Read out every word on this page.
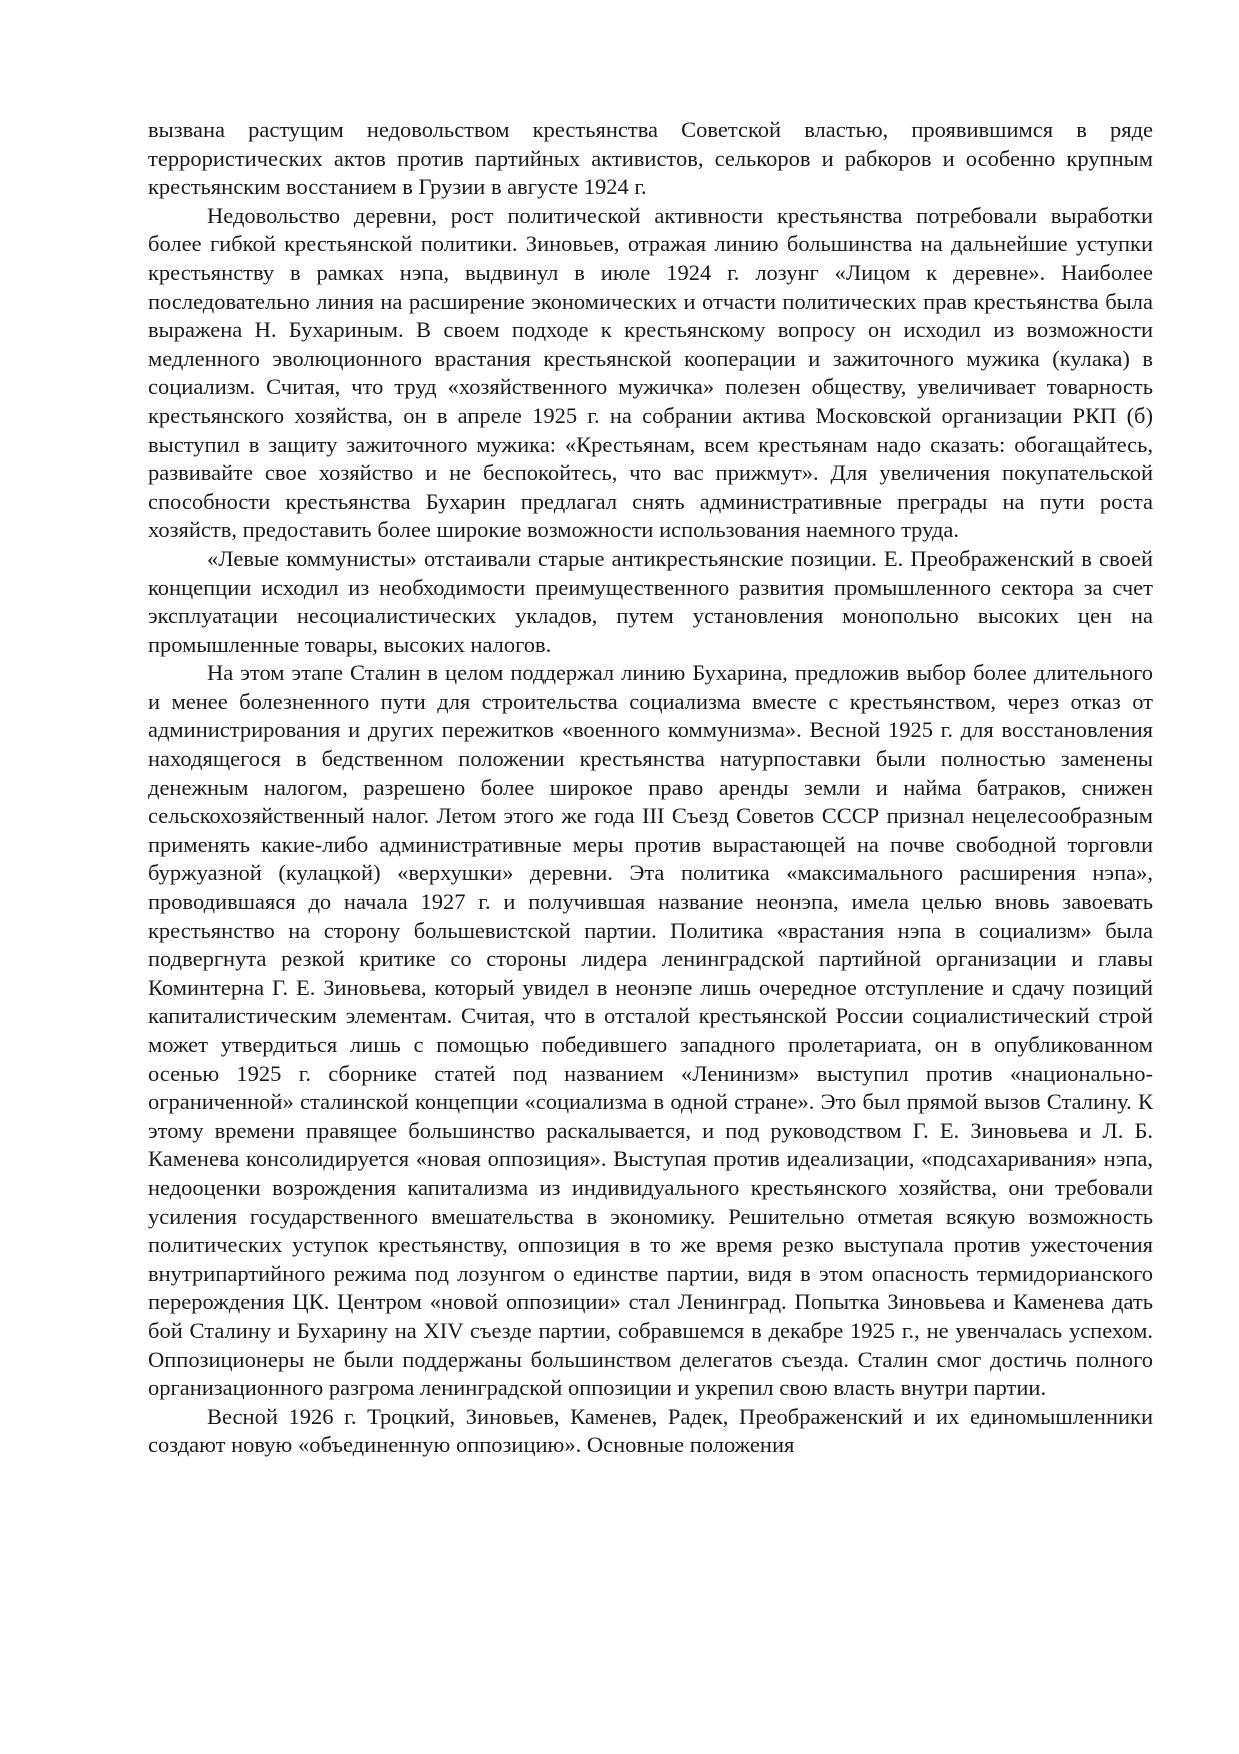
вызвана растущим недовольством крестьянства Советской властью, проявившимся в ряде террористических актов против партийных активистов, селькоров и рабкоров и особенно крупным крестьянским восстанием в Грузии в августе 1924 г.

Недовольство деревни, рост политической активности крестьянства потребовали выработки более гибкой крестьянской политики. Зиновьев, отражая линию большинства на дальнейшие уступки крестьянству в рамках нэпа, выдвинул в июле 1924 г. лозунг «Лицом к деревне». Наиболее последовательно линия на расширение экономических и отчасти политических прав крестьянства была выражена Н. Бухариным. В своем подходе к крестьянскому вопросу он исходил из возможности медленного эволюционного врастания крестьянской кооперации и зажиточного мужика (кулака) в социализм. Считая, что труд «хозяйственного мужичка» полезен обществу, увеличивает товарность крестьянского хозяйства, он в апреле 1925 г. на собрании актива Московской организации РКП (б) выступил в защиту зажиточного мужика: «Крестьянам, всем крестьянам надо сказать: обогащайтесь, развивайте свое хозяйство и не беспокойтесь, что вас прижмут». Для увеличения покупательской способности крестьянства Бухарин предлагал снять административные преграды на пути роста хозяйств, предоставить более широкие возможности использования наемного труда.

«Левые коммунисты» отстаивали старые антикрестьянские позиции. Е. Преображенский в своей концепции исходил из необходимости преимущественного развития промышленного сектора за счет эксплуатации несоциалистических укладов, путем установления монопольно высоких цен на промышленные товары, высоких налогов.

На этом этапе Сталин в целом поддержал линию Бухарина, предложив выбор более длительного и менее болезненного пути для строительства социализма вместе с крестьянством, через отказ от администрирования и других пережитков «военного коммунизма». Весной 1925 г. для восстановления находящегося в бедственном положении крестьянства натурпоставки были полностью заменены денежным налогом, разрешено более широкое право аренды земли и найма батраков, снижен сельскохозяйственный налог. Летом этого же года III Съезд Советов СССР признал нецелесообразным применять какие-либо административные меры против вырастающей на почве свободной торговли буржуазной (кулацкой) «верхушки» деревни. Эта политика «максимального расширения нэпа», проводившаяся до начала 1927 г. и получившая название неонэпа, имела целью вновь завоевать крестьянство на сторону большевистской партии. Политика «врастания нэпа в социализм» была подвергнута резкой критике со стороны лидера ленинградской партийной организации и главы Коминтерна Г. Е. Зиновьева, который увидел в неонэпе лишь очередное отступление и сдачу позиций капиталистическим элементам. Считая, что в отсталой крестьянской России социалистический строй может утвердиться лишь с помощью победившего западного пролетариата, он в опубликованном осенью 1925 г. сборнике статей под названием «Ленинизм» выступил против «национально-ограниченной» сталинской концепции «социализма в одной стране». Это был прямой вызов Сталину. К этому времени правящее большинство раскалывается, и под руководством Г. Е. Зиновьева и Л. Б. Каменева консолидируется «новая оппозиция». Выступая против идеализации, «подсахаривания» нэпа, недооценки возрождения капитализма из индивидуального крестьянского хозяйства, они требовали усиления государственного вмешательства в экономику. Решительно отметая всякую возможность политических уступок крестьянству, оппозиция в то же время резко выступала против ужесточения внутрипартийного режима под лозунгом о единстве партии, видя в этом опасность термидорианского перерождения ЦК. Центром «новой оппозиции» стал Ленинград. Попытка Зиновьева и Каменева дать бой Сталину и Бухарину на XIV съезде партии, собравшемся в декабре 1925 г., не увенчалась успехом. Оппозиционеры не были поддержаны большинством делегатов съезда. Сталин смог достичь полного организационного разгрома ленинградской оппозиции и укрепил свою власть внутри партии.

Весной 1926 г. Троцкий, Зиновьев, Каменев, Радек, Преображенский и их единомышленники создают новую «объединенную оппозицию». Основные положения
